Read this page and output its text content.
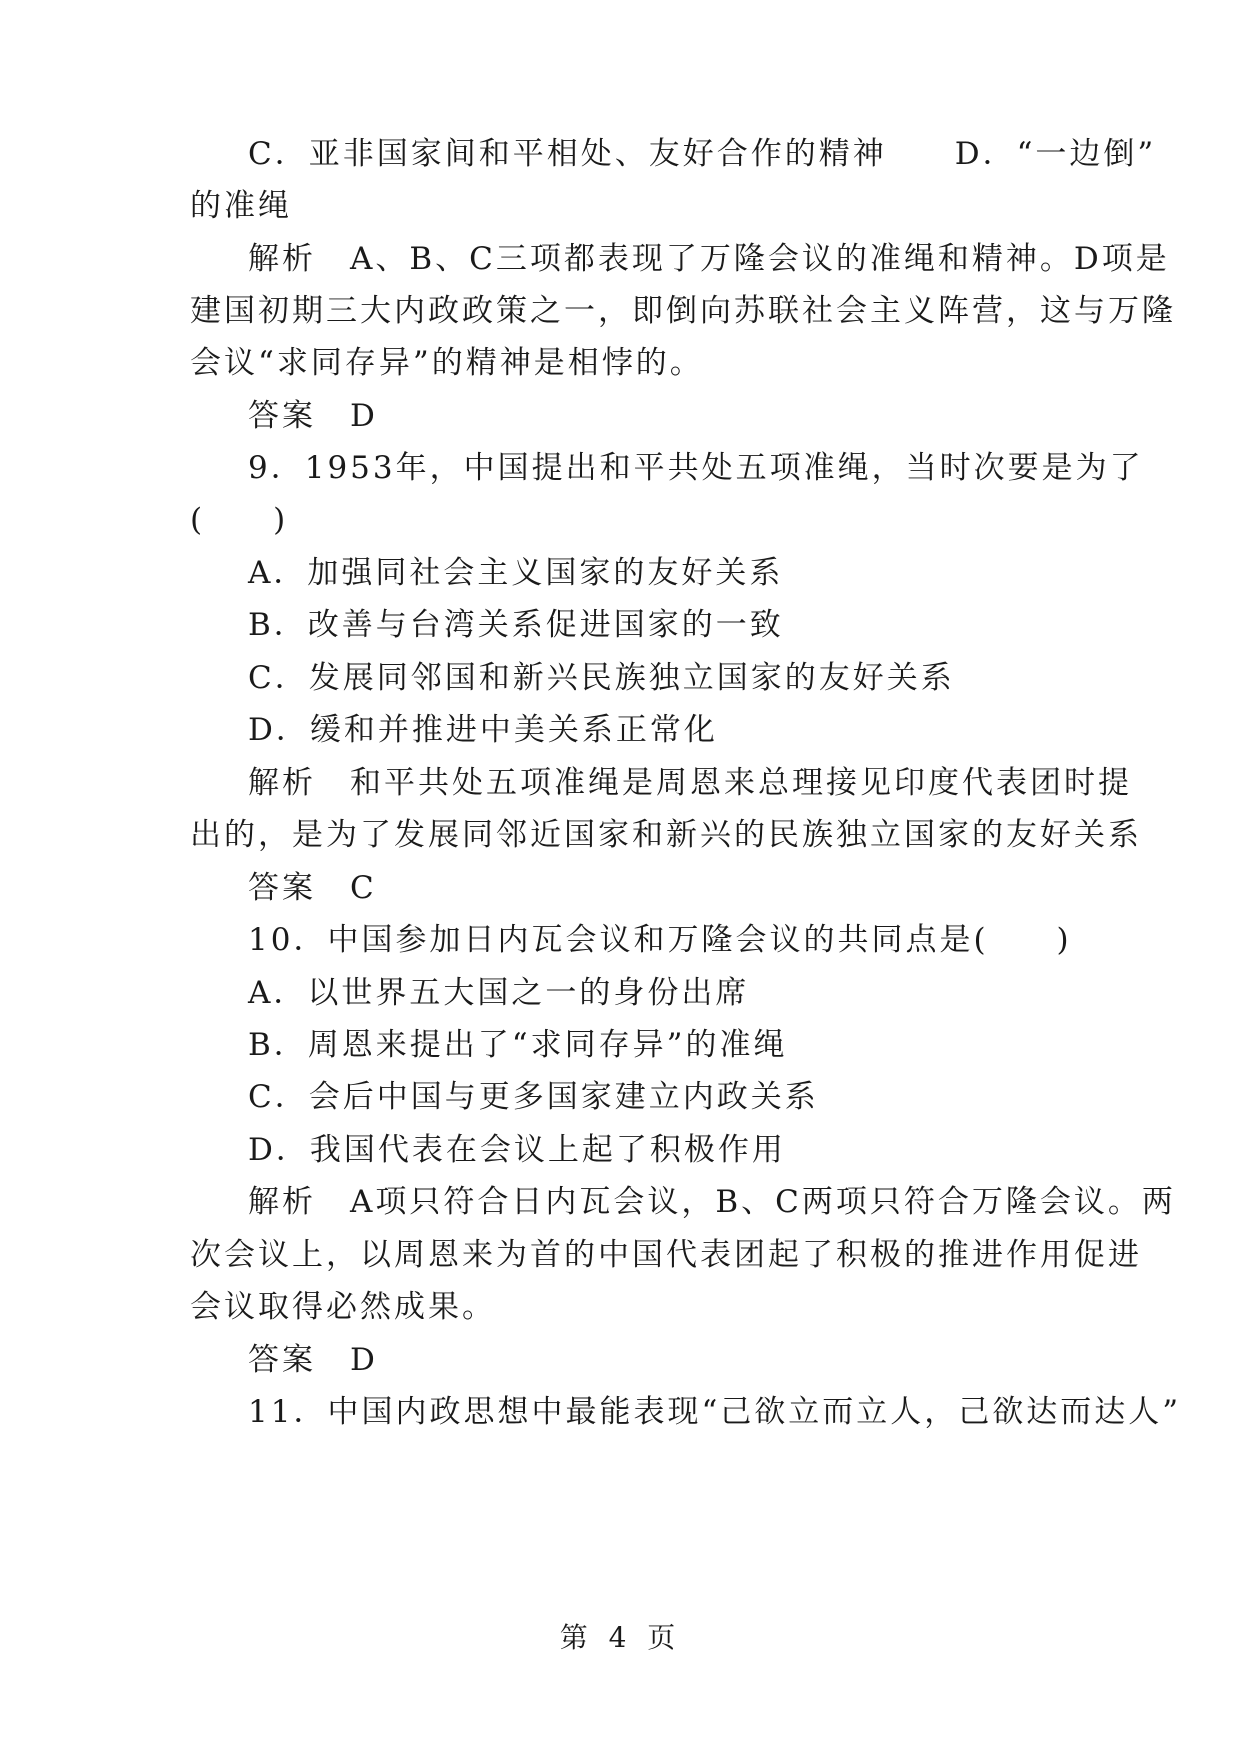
C．亚非国家间和平相处、友好合作的精神　　D．“一边倒”
的准绳
解析　A、B、C三项都表现了万隆会议的准绳和精神。D项是
建国初期三大内政政策之一，即倒向苏联社会主义阵营，这与万隆
会议“求同存异”的精神是相悖的。
答案　D
9．1953年，中国提出和平共处五项准绳，当时次要是为了
(　　)
A．加强同社会主义国家的友好关系
B．改善与台湾关系促进国家的一致
C．发展同邻国和新兴民族独立国家的友好关系
D．缓和并推进中美关系正常化
解析　和平共处五项准绳是周恩来总理接见印度代表团时提
出的，是为了发展同邻近国家和新兴的民族独立国家的友好关系
答案　C
10．中国参加日内瓦会议和万隆会议的共同点是(　　)
A．以世界五大国之一的身份出席
B．周恩来提出了“求同存异”的准绳
C．会后中国与更多国家建立内政关系
D．我国代表在会议上起了积极作用
解析　A项只符合日内瓦会议，B、C两项只符合万隆会议。两
次会议上，以周恩来为首的中国代表团起了积极的推进作用促进
会议取得必然成果。
答案　D
11．中国内政思想中最能表现“己欲立而立人，己欲达而达人”
第 4 页
